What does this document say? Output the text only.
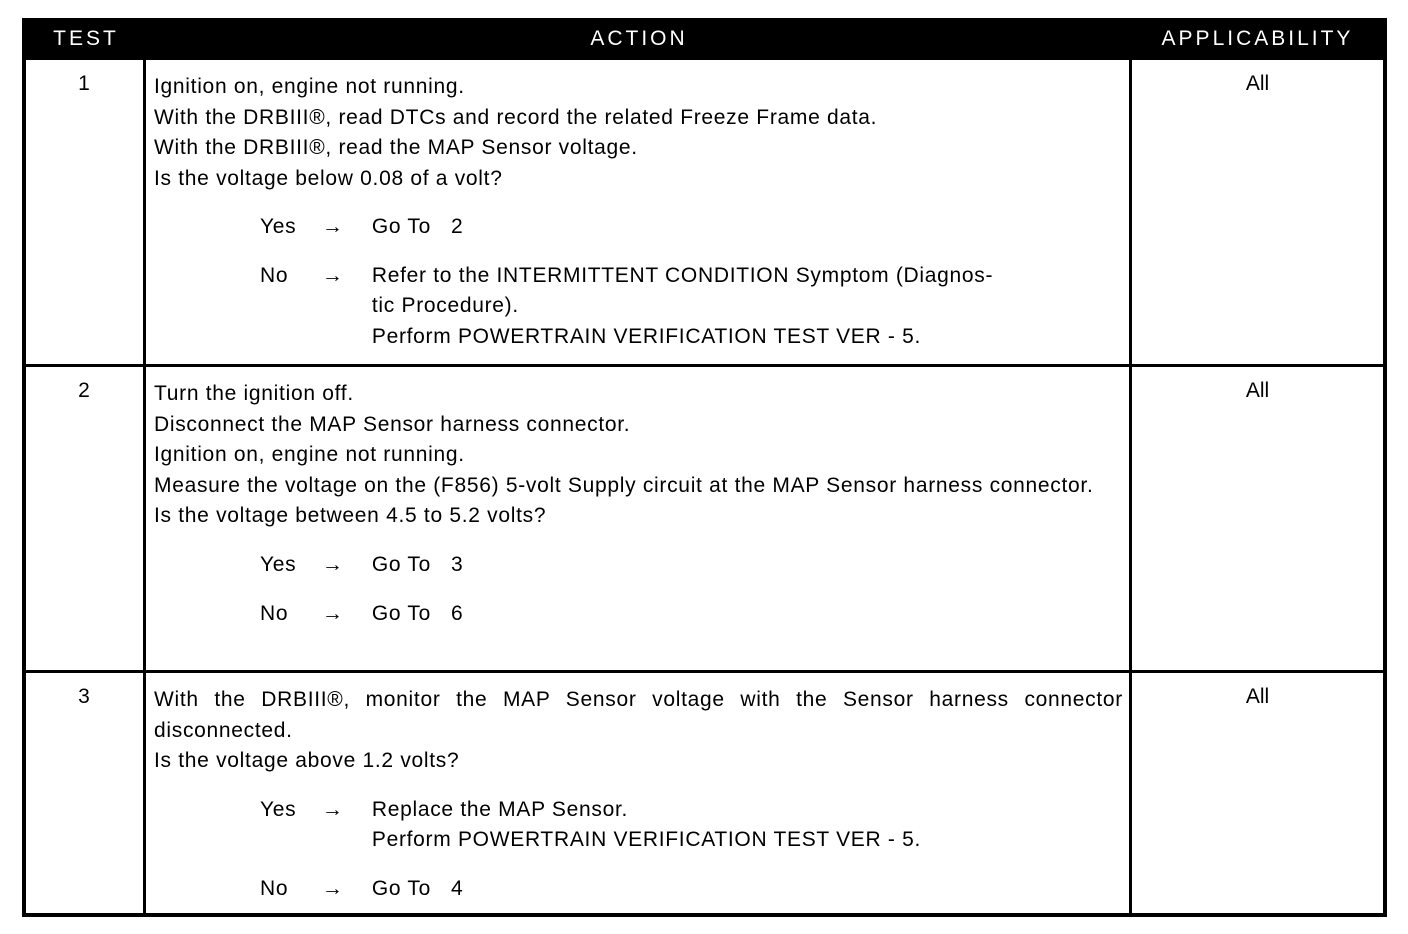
TEST	ACTION	APPLICABILITY
1	Ignition on, engine not running.
With the DRBIII®, read DTCs and record the related Freeze Frame data.
With the DRBIII®, read the MAP Sensor voltage.
Is the voltage below 0.08 of a volt?
Yes	→	Go To 2
No	→	Refer to the INTERMITTENT CONDITION Symptom (Diagnos-
tic Procedure).
Perform POWERTRAIN VERIFICATION TEST VER - 5.
All
2	Turn the ignition off.
Disconnect the MAP Sensor harness connector.
Ignition on, engine not running.
Measure the voltage on the (F856) 5-volt Supply circuit at the MAP Sensor harness connector.
Is the voltage between 4.5 to 5.2 volts?
Yes	→	Go To 3
No	→	Go To 6
All
3	With the DRBIII®, monitor the MAP Sensor voltage with the Sensor harness connector disconnected.
Is the voltage above 1.2 volts?
Yes	→	Replace the MAP Sensor.
Perform POWERTRAIN VERIFICATION TEST VER - 5.
No	→	Go To 4
All
